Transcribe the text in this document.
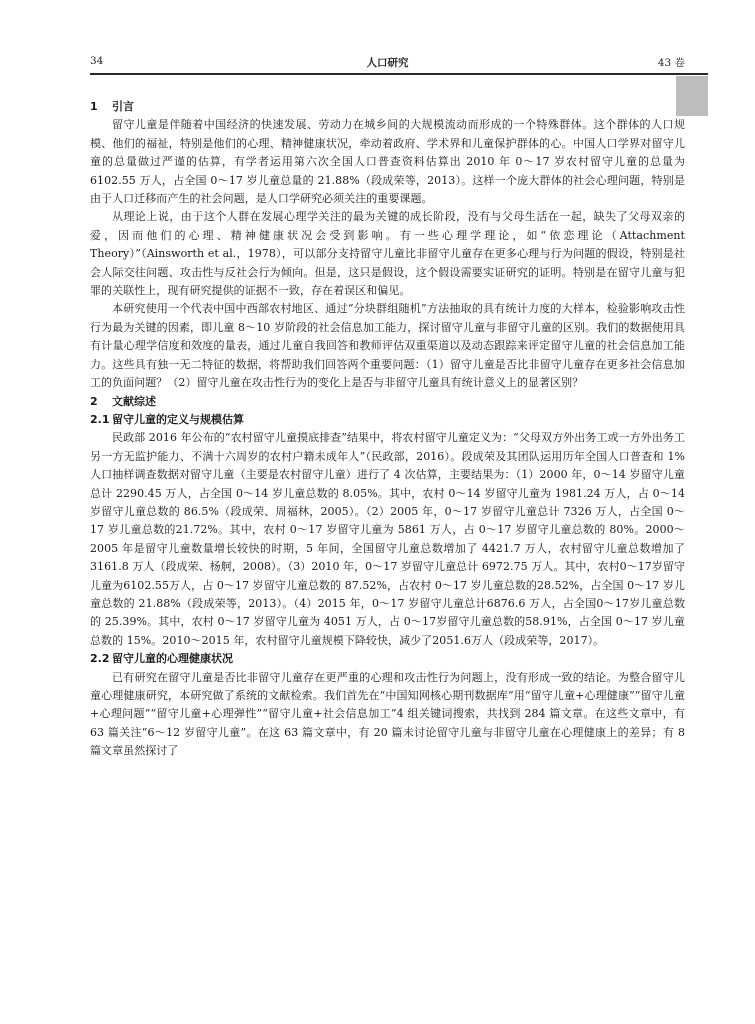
34	人口研究	43 卷
1 引言

留守儿童是伴随着中国经济的快速发展、劳动力在城乡间的大规模流动而形成的一个特殊群体。这个群体的人口规模、他们的福祉，特别是他们的心理、精神健康状况，牵动着政府、学术界和儿童保护群体的心。中国人口学界对留守儿童的总量做过严谨的估算，有学者运用第六次全国人口普查资料估算出 2010 年 0～17 岁农村留守儿童的总量为 6102.55 万人，占全国 0～17 岁儿童总量的 21.88%（段成荣等，2013）。这样一个庞大群体的社会心理问题，特别是由于人口迁移而产生的社会问题，是人口学研究必须关注的重要课题。

从理论上说，由于这个人群在发展心理学关注的最为关键的成长阶段，没有与父母生活在一起，缺失了父母双亲的爱，因而他们的心理、精神健康状况会受到影响。有一些心理学理论，如“依恋理论（Attachment Theory）”（Ainsworth et al.，1978），可以部分支持留守儿童比非留守儿童存在更多心理与行为问题的假设，特别是社会人际交往问题、攻击性与反社会行为倾向。但是，这只是假设，这个假设需要实证研究的证明。特别是在留守儿童与犯罪的关联性上，现有研究提供的证据不一致，存在着误区和偏见。

本研究使用一个代表中国中西部农村地区、通过“分块群组随机”方法抽取的具有统计力度的大样本，检验影响攻击性行为最为关键的因素，即儿童 8～10 岁阶段的社会信息加工能力，探讨留守儿童与非留守儿童的区别。我们的数据使用具有计量心理学信度和效度的量表，通过儿童自我回答和教师评估双重渠道以及动态跟踪来评定留守儿童的社会信息加工能力。这些具有独一无二特征的数据，将帮助我们回答两个重要问题：（1）留守儿童是否比非留守儿童存在更多社会信息加工的负面问题？（2）留守儿童在攻击性行为的变化上是否与非留守儿童具有统计意义上的显著区别？

2 文献综述
2.1 留守儿童的定义与规模估算

民政部 2016 年公布的“农村留守儿童摸底排查”结果中，将农村留守儿童定义为：“父母双方外出务工或一方外出务工另一方无监护能力、不满十六周岁的农村户籍未成年人”（民政部，2016）。段成荣及其团队运用历年全国人口普查和 1%人口抽样调查数据对留守儿童（主要是农村留守儿童）进行了 4 次估算，主要结果为：（1）2000 年，0～14 岁留守儿童总计 2290.45 万人，占全国 0～14 岁儿童总数的 8.05%。其中，农村 0～14 岁留守儿童为 1981.24 万人，占 0～14 岁留守儿童总数的 86.5%（段成荣、周福林，2005）。（2）2005 年，0～17 岁留守儿童总计 7326 万人，占全国 0～17 岁儿童总数的21.72%。其中，农村 0～17 岁留守儿童为 5861 万人，占 0～17 岁留守儿童总数的 80%。2000～2005 年是留守儿童数量增长较快的时期，5 年间，全国留守儿童总数增加了 4421.7 万人，农村留守儿童总数增加了3161.8 万人（段成荣、杨舸，2008）。（3）2010 年，0～17 岁留守儿童总计 6972.75 万人。其中，农村0～17岁留守儿童为6102.55万人，占 0～17 岁留守儿童总数的 87.52%，占农村 0～17 岁儿童总数的28.52%，占全国 0～17 岁儿童总数的 21.88%（段成荣等，2013）。（4）2015 年，0～17 岁留守儿童总计6876.6 万人，占全国0～17岁儿童总数的 25.39%。其中，农村 0～17 岁留守儿童为 4051 万人，占 0～17岁留守儿童总数的58.91%，占全国 0～17 岁儿童总数的 15%。2010～2015 年，农村留守儿童规模下降较快，减少了2051.6万人（段成荣等，2017）。

2.2 留守儿童的心理健康状况

已有研究在留守儿童是否比非留守儿童存在更严重的心理和攻击性行为问题上，没有形成一致的结论。为整合留守儿童心理健康研究，本研究做了系统的文献检索。我们首先在“中国知网核心期刊数据库”用“留守儿童+心理健康”“留守儿童+心理问题”“留守儿童+心理弹性”“留守儿童+社会信息加工”4 组关键词搜索，共找到 284 篇文章。在这些文章中，有 63 篇关注“6～12 岁留守儿童”。在这 63 篇文章中，有 20 篇未讨论留守儿童与非留守儿童在心理健康上的差异；有 8 篇文章虽然探讨了
